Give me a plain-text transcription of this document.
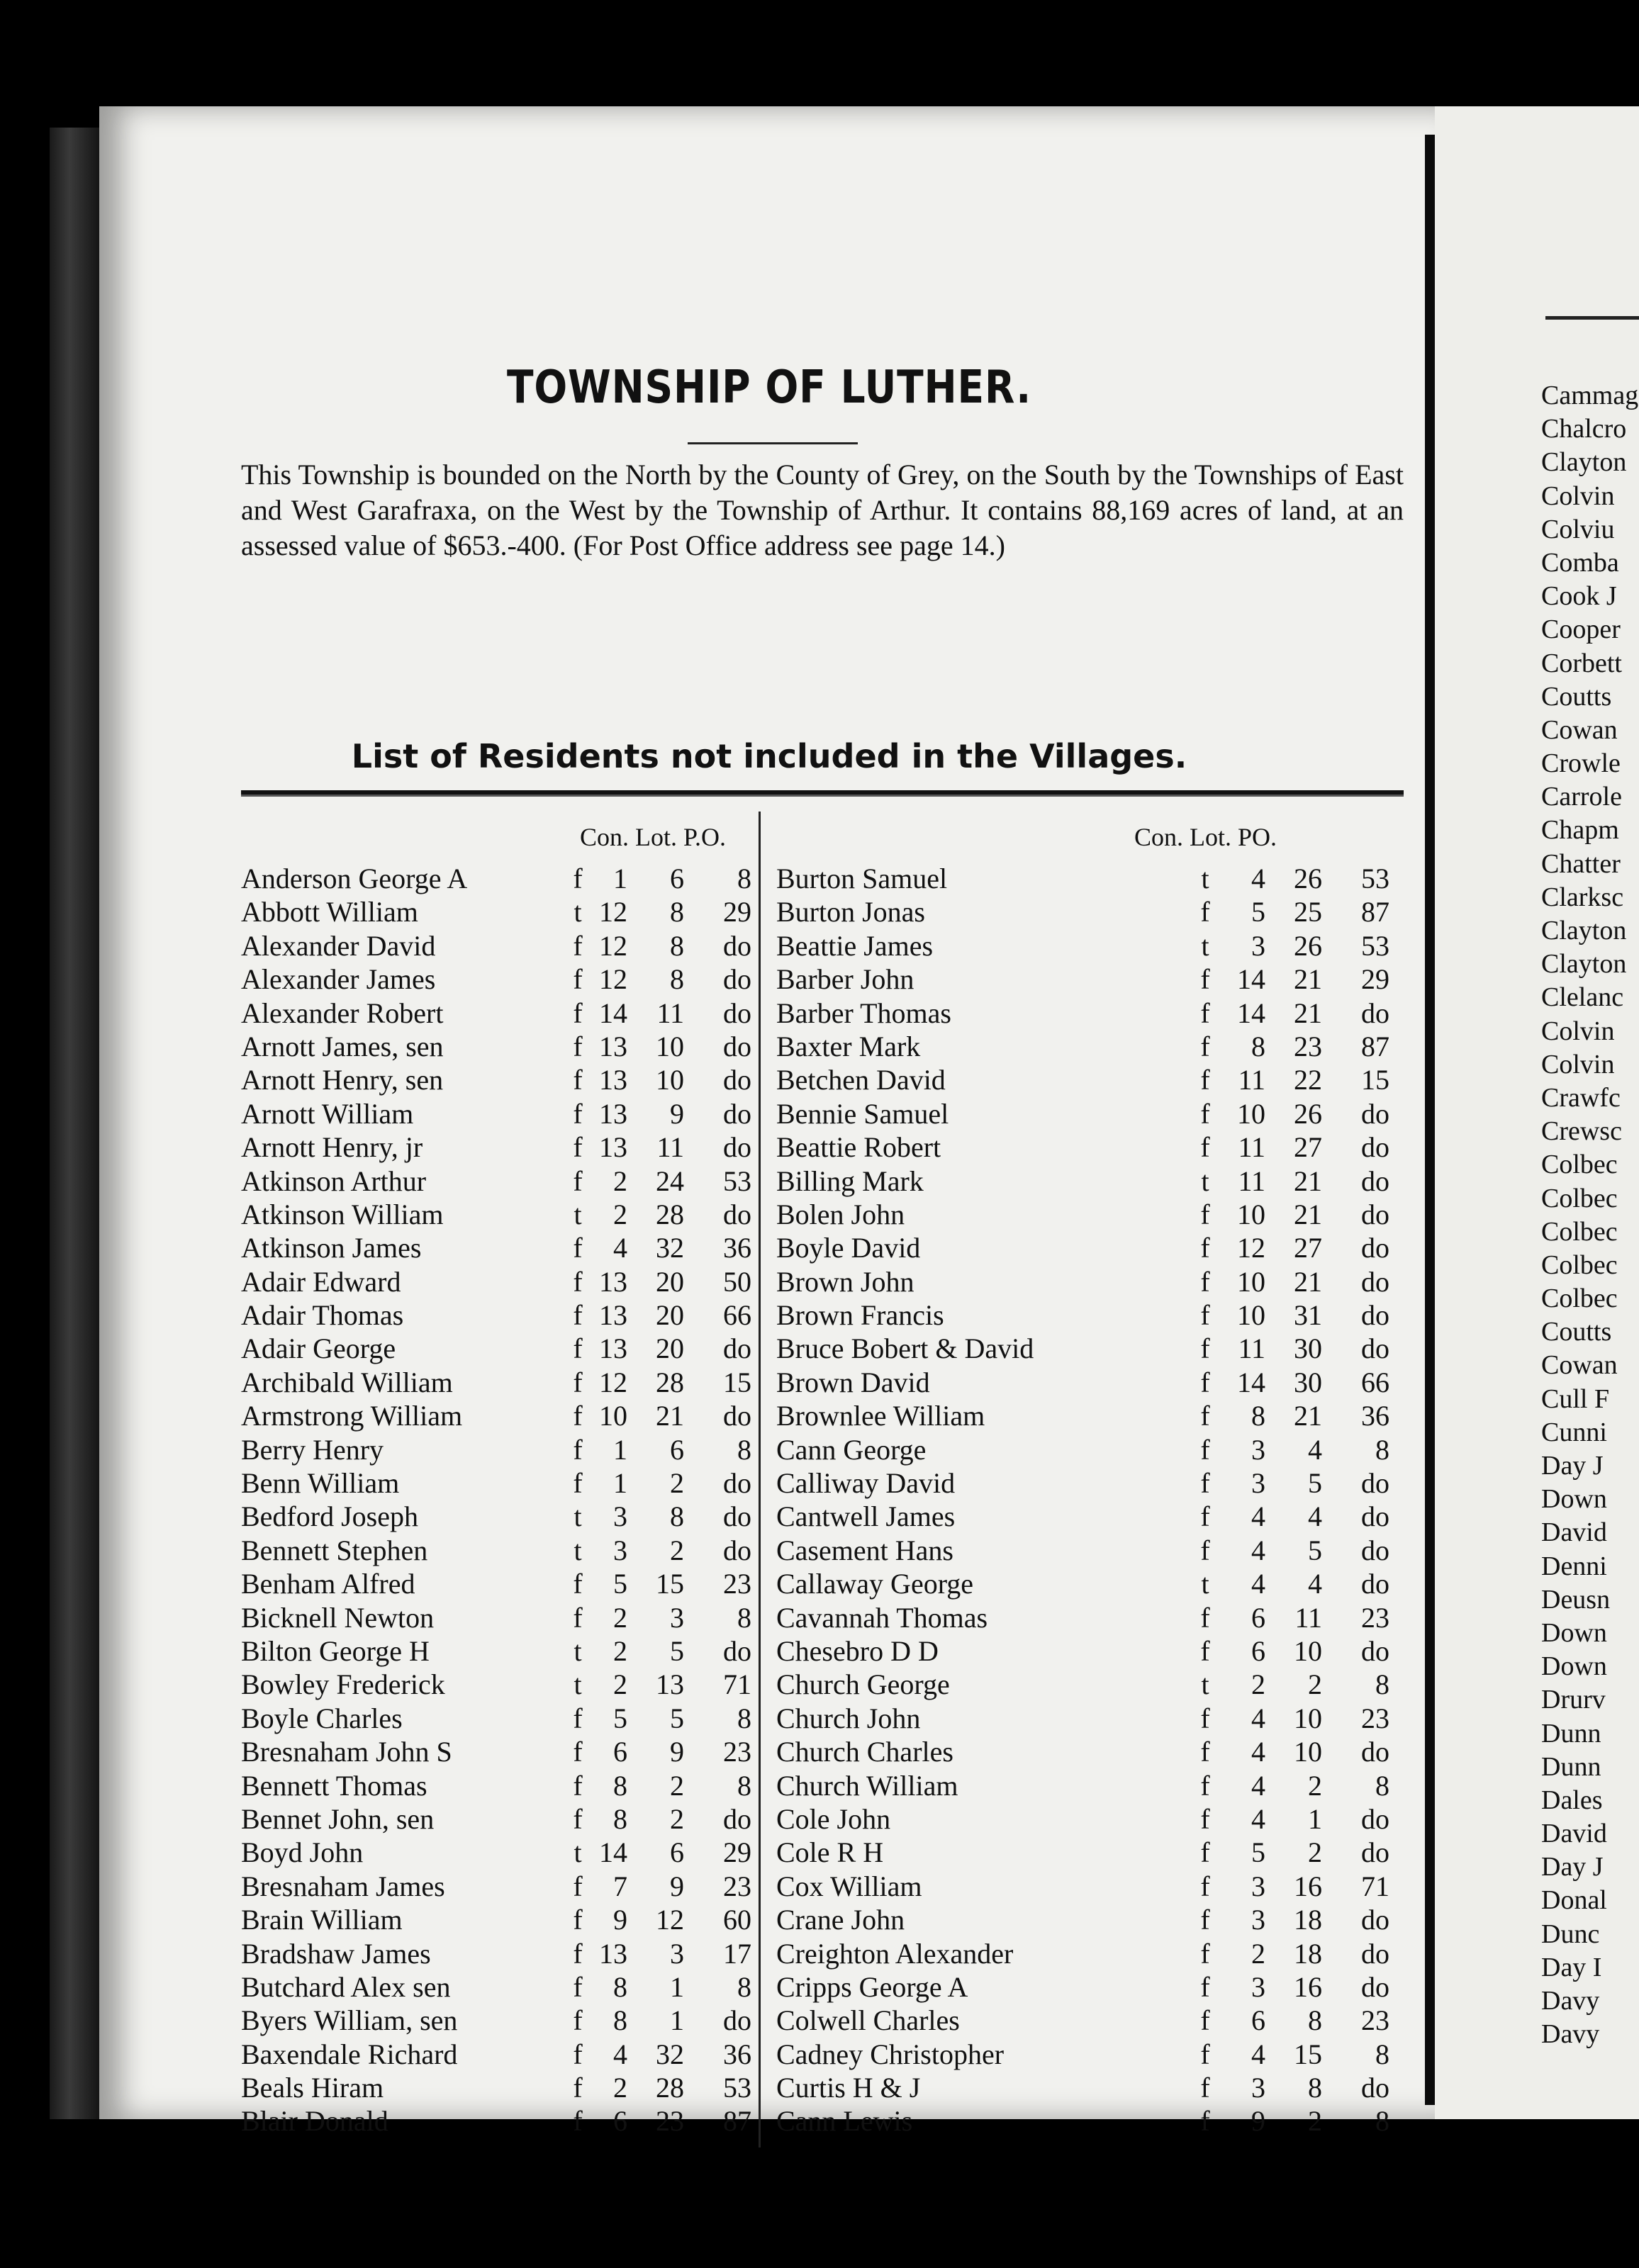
TOWNSHIP OF LUTHER.

This Township is bounded on the North by the County of Grey, on the South by the Townships of East and West Garafraxa, on the West by the Township of Arthur. It contains 88,169 acres of land, at an assessed value of $653.-400. (For Post Office address see page 14.)

List of Residents not included in the Villages.
Con. Lot. P.O.	Con. Lot. PO.
Anderson George A	f	1 6 8
Abbott William	t 12 8 29
Alexander David	f 12 8 do
Alexander James	f 12 8 do
Alexander Robert	f 14 11 do
Arnott James, sen	f 13 10 do
Arnott Henry, sen	f 13 10 do
Arnott William	f 13 9 do
Arnott Henry, jr	f 13 11 do
Atkinson Arthur	f	2 24 53
Atkinson William	t	2 28 do
Atkinson James	f	4 32 36
Adair Edward	f 13 20 50
Adair Thomas	f 13 20 66
Adair George	f 13 20 do
Archibald William	f 12 28 15
Armstrong William	f 10 21 do
Berry Henry	f	1 6 8
Benn William	f	1 2 do
Bedford Joseph	t	3 8 do
Bennett Stephen	t	3 2 do
Benham Alfred	f	5 15 23
Bicknell Newton	f	2 3 8
Bilton George H	t	2 5 do
Bowley Frederick	t	2 13 71
Boyle Charles	f	5 5 8
Bresnaham John S	f	6 9 23
Bennett Thomas	f	8 2 8
Bennet John, sen	f	8 2 do
Boyd John	t 14 6 29
Bresnaham James	f	7 9 23
Brain William	f	9 12 60
Bradshaw James	f 13 3 17
Butchard Alex sen	f	8 1 8
Byers William, sen	f	8 1 do
Baxendale Richard	f	4 32 36
Beals Hiram	f	2 28 53
Blair Donald	f	6 23 87
Burton Samuel	t	4 26 53
Burton Jonas	f	5 25 87
Beattie James	t	3 26 53
Barber John	f 14 21 29
Barber Thomas	f 14 21 do
Baxter Mark	f	8 23 87
Betchen David	f 11 22 15
Bennie Samuel	f 10 26 do
Beattie Robert	f 11 27 do
Billing Mark	t	11 21 do
Bolen John	f 10 21 do
Boyle David	f 12 27 do
Brown John	f 10 21 do
Brown Francis	f 10 31 do
Bruce Bobert & David	f 11 30 do
Brown David	f 14 30 66
Brownlee William	f	8 21 36
Cann George	f	3 4 8
Calliway David	f	3 5 do
Cantwell James	f	4 4 do
Casement Hans	f	4 5 do
Callaway George	t	4 4 do
Cavannah Thomas	f	6 11 23
Chesebro D D	f	6 10 do
Church George	t	2 2 8
Church John	f	4 10 23
Church Charles	f	4 10 do
Church William	f	4 2 8
Cole John	f	4 1 do
Cole R H	f	5 2 do
Cox William	f	3 16 71
Crane John	f	3 18 do
Creighton Alexander	f	2 18 do
Cripps George A	f	3 16 do
Colwell Charles	f	6 8 23
Cadney Christopher	f	4 15 8
Curtis H & J	f	3 8 do
Cann Lewis	f	9 2 8
Cammag
Chalcro
Clayton
Colvin
Colviu
Comba
Cook J
Cooper
Corbett
Coutts
Cowan
Crowle
Carrole
Chapm
Chatter
Clarksc
Clayton
Clayton
Clelanc
Colvin
Colvin
Crawfc
Crewsc
Colbec
Colbec
Colbec
Colbec
Colbec
Coutts
Cowan
Cull F
Cunni
Day J
Down
David
Denni
Deusn
Down
Down
Drurv
Dunn
Dunn
Dales
David
Day J
Donal
Dunc
Day I
Davy
Davy
